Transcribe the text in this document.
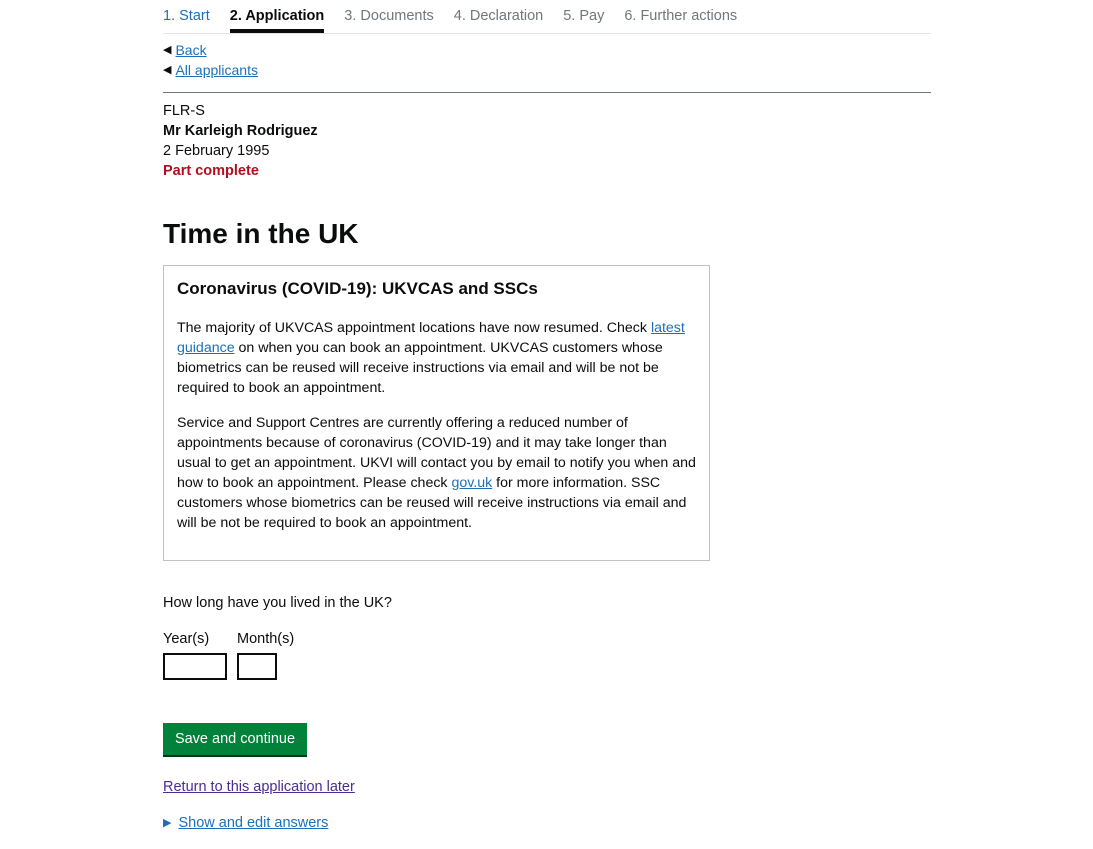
1. Start 2. Application 3. Documents 4. Declaration 5. Pay 6. Further actions
◀ Back
◀ All applicants
FLR-S
Mr Karleigh Rodriguez
2 February 1995
Part complete
Time in the UK
Coronavirus (COVID-19): UKVCAS and SSCs

The majority of UKVCAS appointment locations have now resumed. Check latest guidance on when you can book an appointment. UKVCAS customers whose biometrics can be reused will receive instructions via email and will be not be required to book an appointment.

Service and Support Centres are currently offering a reduced number of appointments because of coronavirus (COVID-19) and it may take longer than usual to get an appointment. UKVI will contact you by email to notify you when and how to book an appointment. Please check gov.uk for more information. SSC customers whose biometrics can be reused will receive instructions via email and will be not be required to book an appointment.

How long have you lived in the UK?
Year(s) Month(s)
Save and continue
Return to this application later
▶ Show and edit answers
